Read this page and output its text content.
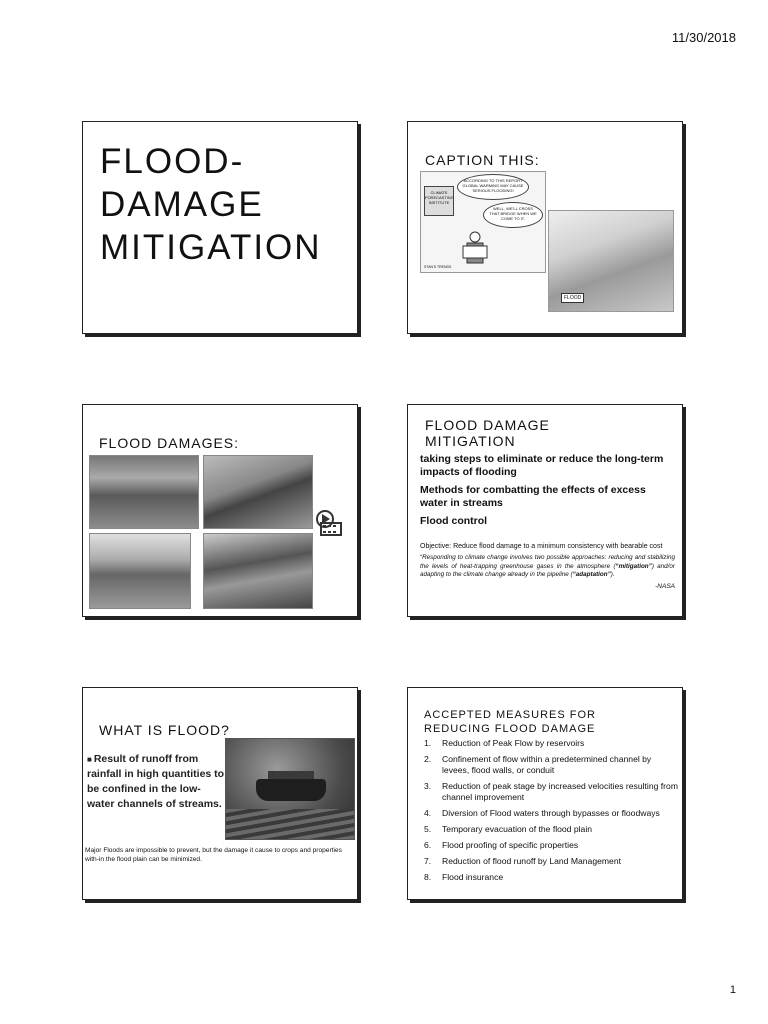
11/30/2018
FLOOD-
DAMAGE
MITIGATION
CAPTION THIS:
CLIMATE FORECASTING INSTITUTE
ACCORDING TO THIS REPORT GLOBAL WARMING MAY CAUSE SERIOUS FLOODING!
WELL, WE'LL CROSS THAT BRIDGE WHEN WE COME TO IT.
STAN'S TRENDS
FLOOD
FLOOD DAMAGES:
FLOOD DAMAGE
MITIGATION

taking steps to eliminate or reduce the long-term impacts of flooding

Methods for combatting the effects of excess water in streams

Flood control

Objective: Reduce flood damage to a minimum consistency with bearable cost
“Responding to climate change involves two possible approaches: reducing and stabilizing the levels of heat-trapping greenhouse gases in the atmosphere (“mitigation”) and/or adapting to the climate change already in the pipeline (“adaptation”).
-NASA
WHAT IS FLOOD?
■ Result of runoff from rainfall in high quantities to be confined in the low-water channels of streams.
Major Floods are impossible to prevent, but the damage it cause to crops and properties with-in the flood plain can be minimized.
ACCEPTED MEASURES FOR
REDUCING FLOOD DAMAGE
1.	Reduction of Peak Flow by reservoirs
2.	Confinement of flow within a predetermined channel by levees, flood walls, or conduit
3.	Reduction of peak stage by increased velocities resulting from channel improvement
4.	Diversion of Flood waters through bypasses or floodways
5.	Temporary evacuation of the flood plain
6.	Flood proofing of specific properties
7.	Reduction of flood runoff by Land Management
8.	Flood insurance
1
